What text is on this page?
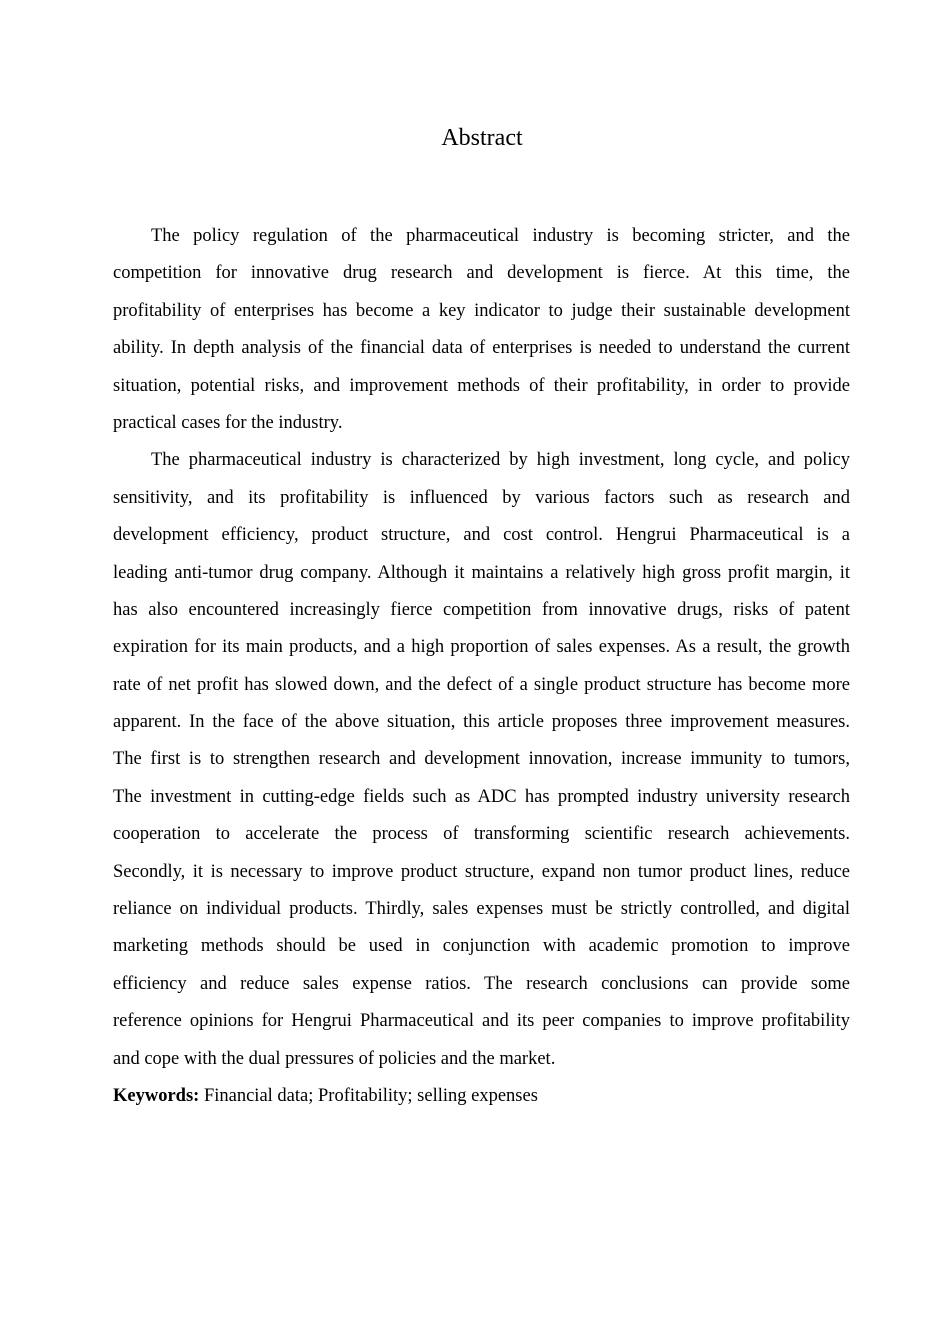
Abstract
The policy regulation of the pharmaceutical industry is becoming stricter, and the
competition for innovative drug research and development is fierce. At this time, the
profitability of enterprises has become a key indicator to judge their sustainable development
ability. In depth analysis of the financial data of enterprises is needed to understand the current
situation, potential risks, and improvement methods of their profitability, in order to provide
practical cases for the industry.
The pharmaceutical industry is characterized by high investment, long cycle, and policy
sensitivity, and its profitability is influenced by various factors such as research and
development efficiency, product structure, and cost control. Hengrui Pharmaceutical is a
leading anti-tumor drug company. Although it maintains a relatively high gross profit margin, it
has also encountered increasingly fierce competition from innovative drugs, risks of patent
expiration for its main products, and a high proportion of sales expenses. As a result, the growth
rate of net profit has slowed down, and the defect of a single product structure has become more
apparent. In the face of the above situation, this article proposes three improvement measures.
The first is to strengthen research and development innovation, increase immunity to tumors,
The investment in cutting-edge fields such as ADC has prompted industry university research
cooperation to accelerate the process of transforming scientific research achievements.
Secondly, it is necessary to improve product structure, expand non tumor product lines, reduce
reliance on individual products. Thirdly, sales expenses must be strictly controlled, and digital
marketing methods should be used in conjunction with academic promotion to improve
efficiency and reduce sales expense ratios. The research conclusions can provide some
reference opinions for Hengrui Pharmaceutical and its peer companies to improve profitability
and cope with the dual pressures of policies and the market.
Keywords: Financial data; Profitability; selling expenses
